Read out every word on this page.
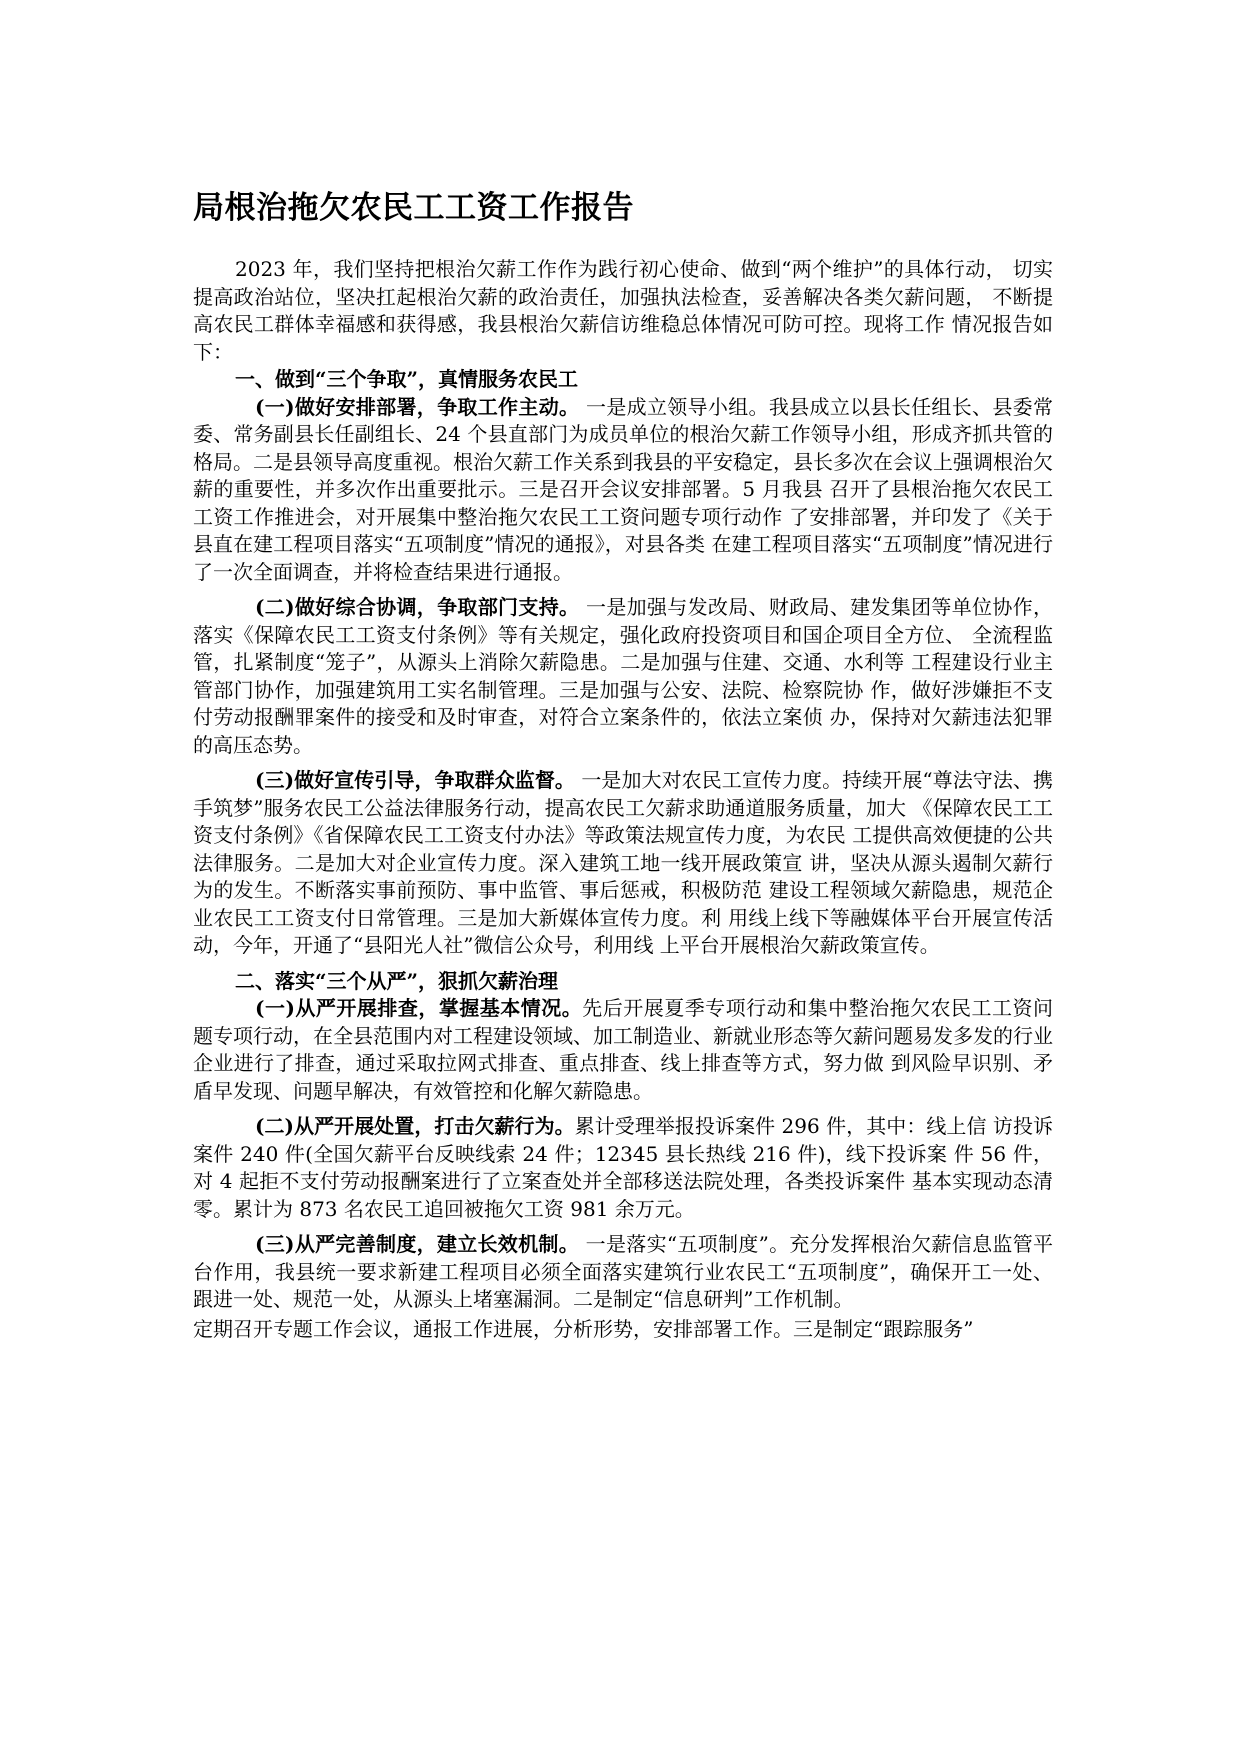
局根治拖欠农民工工资工作报告

2023 年，我们坚持把根治欠薪工作作为践行初心使命、做到“两个维护”的具体行动， 切实提高政治站位，坚决扛起根治欠薪的政治责任，加强执法检查，妥善解决各类欠薪问题， 不断提高农民工群体幸福感和获得感，我县根治欠薪信访维稳总体情况可防可控。现将工作 情况报告如下：

一、做到“三个争取”，真情服务农民工

(一)做好安排部署，争取工作主动。 一是成立领导小组。我县成立以县长任组长、县委常委、常务副县长任副组长、24 个县直部门为成员单位的根治欠薪工作领导小组，形成齐抓共管的格局。二是县领导高度重视。根治欠薪工作关系到我县的平安稳定，县长多次在会议上强调根治欠薪的重要性，并多次作出重要批示。三是召开会议安排部署。5 月我县 召开了县根治拖欠农民工工资工作推进会，对开展集中整治拖欠农民工工资问题专项行动作 了安排部署，并印发了《关于县直在建工程项目落实“五项制度”情况的通报》，对县各类 在建工程项目落实“五项制度”情况进行了一次全面调查，并将检查结果进行通报。

(二)做好综合协调，争取部门支持。 一是加强与发改局、财政局、建发集团等单位协作，落实《保障农民工工资支付条例》等有关规定，强化政府投资项目和国企项目全方位、 全流程监管，扎紧制度“笼子”，从源头上消除欠薪隐患。二是加强与住建、交通、水利等 工程建设行业主管部门协作，加强建筑用工实名制管理。三是加强与公安、法院、检察院协 作，做好涉嫌拒不支付劳动报酬罪案件的接受和及时审查，对符合立案条件的，依法立案侦 办，保持对欠薪违法犯罪的高压态势。

(三)做好宣传引导，争取群众监督。 一是加大对农民工宣传力度。持续开展“尊法守法、携手筑梦”服务农民工公益法律服务行动，提高农民工欠薪求助通道服务质量，加大 《保障农民工工资支付条例》《省保障农民工工资支付办法》等政策法规宣传力度，为农民 工提供高效便捷的公共法律服务。二是加大对企业宣传力度。深入建筑工地一线开展政策宣 讲，坚决从源头遏制欠薪行为的发生。不断落实事前预防、事中监管、事后惩戒，积极防范 建设工程领域欠薪隐患，规范企业农民工工资支付日常管理。三是加大新媒体宣传力度。利 用线上线下等融媒体平台开展宣传活动，今年，开通了“县阳光人社”微信公众号，利用线 上平台开展根治欠薪政策宣传。

二、落实“三个从严”，狠抓欠薪治理

(一)从严开展排查，掌握基本情况。先后开展夏季专项行动和集中整治拖欠农民工工资问题专项行动，在全县范围内对工程建设领域、加工制造业、新就业形态等欠薪问题易发多发的行业企业进行了排查，通过采取拉网式排查、重点排查、线上排查等方式，努力做 到风险早识别、矛盾早发现、问题早解决，有效管控和化解欠薪隐患。

(二)从严开展处置，打击欠薪行为。累计受理举报投诉案件 296 件，其中：线上信 访投诉案件 240 件(全国欠薪平台反映线索 24 件；12345 县长热线 216 件)，线下投诉案 件 56 件，对 4 起拒不支付劳动报酬案进行了立案查处并全部移送法院处理，各类投诉案件 基本实现动态清零。累计为 873 名农民工追回被拖欠工资 981 余万元。

(三)从严完善制度，建立长效机制。 一是落实“五项制度”。充分发挥根治欠薪信息监管平台作用，我县统一要求新建工程项目必须全面落实建筑行业农民工“五项制度”，确保开工一处、跟进一处、规范一处，从源头上堵塞漏洞。二是制定“信息研判”工作机制。

定期召开专题工作会议，通报工作进展，分析形势，安排部署工作。三是制定“跟踪服务”
